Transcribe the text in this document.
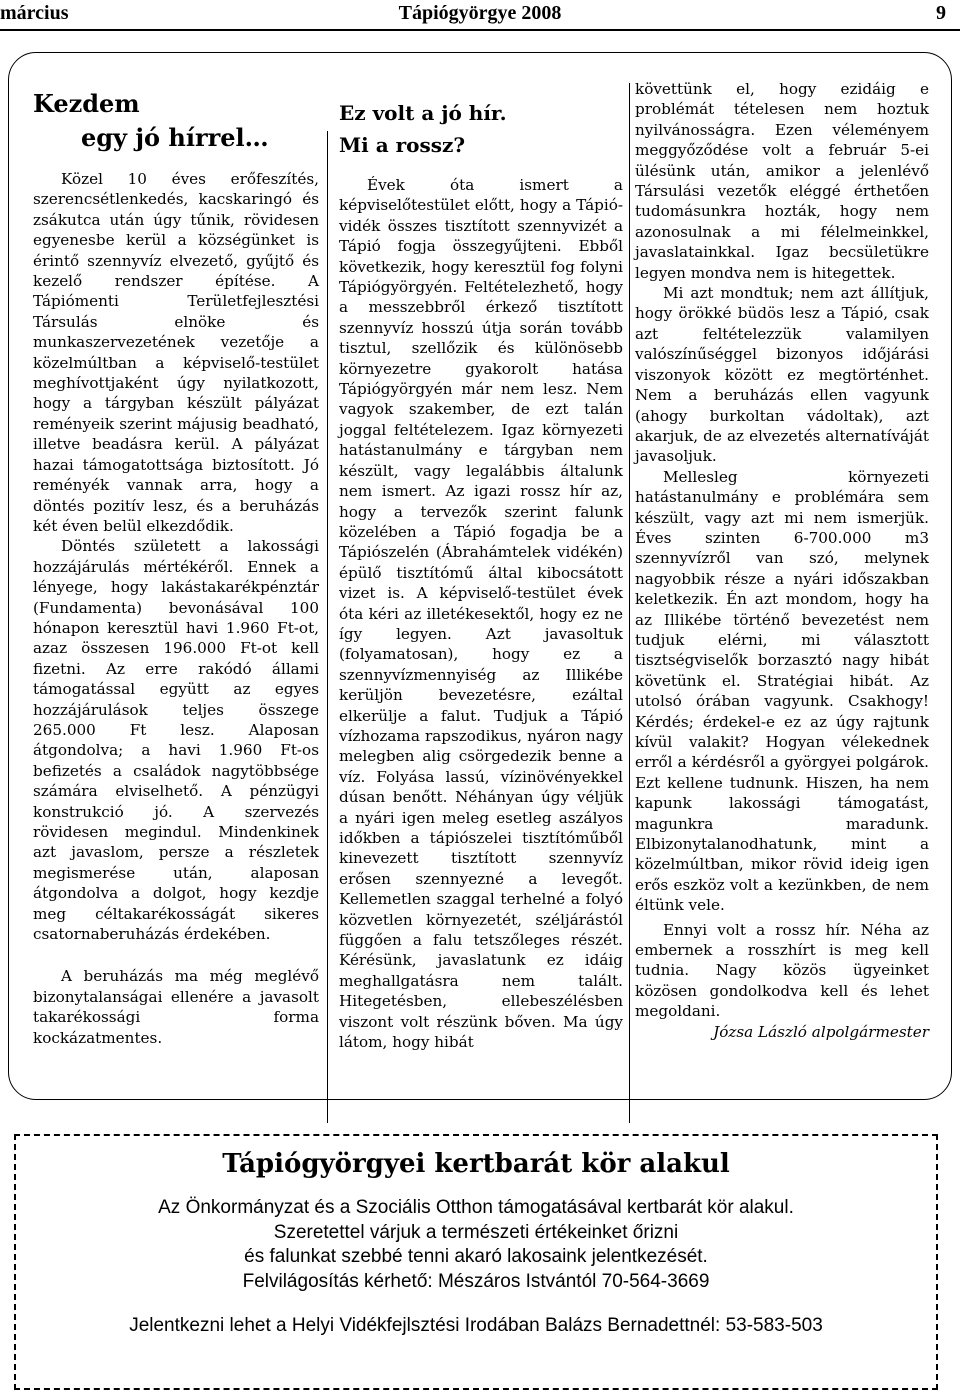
március	Tápiógyörgye 2008	9
Kezdem
egy jó hírrel…

Közel 10 éves erőfeszítés, szerencsétlenkedés, kacskaringó és zsákutca után úgy tűnik, rövidesen egyenesbe kerül a községünket is érintő szennyvíz elvezető, gyűjtő és kezelő rendszer építése. A Tápiómenti Területfejlesztési Társulás elnöke és munkaszervezetének vezetője a közelmúltban a képviselő-testület meghívottjaként úgy nyilatkozott, hogy a tárgyban készült pályázat reményeik szerint májusig beadható, illetve beadásra kerül. A pályázat hazai támogatottsága biztosított. Jó reményék vannak arra, hogy a döntés pozitív lesz, és a beruházás két éven belül elkezdődik.

Döntés született a lakossági hozzájárulás mértékéről. Ennek a lényege, hogy lakástakarékpénztár (Fundamenta) bevonásával 100 hónapon keresztül havi 1.960 Ft-ot, azaz összesen 196.000 Ft-ot kell fizetni. Az erre rakódó állami támogatással együtt az egyes hozzájárulások teljes összege 265.000 Ft lesz. Alaposan átgondolva; a havi 1.960 Ft-os befizetés a családok nagytöbbsége számára elviselhető. A pénzügyi konstrukció jó. A szervezés rövidesen megindul. Mindenkinek azt javaslom, persze a részletek megismerése után, alaposan átgondolva a dolgot, hogy kezdje meg céltakarékosságát sikeres csatornaberuházás érdekében.

A beruházás ma még meglévő bizonytalanságai ellenére a javasolt takarékossági forma kockázatmentes.

Ez volt a jó hír.
Mi a rossz?

Évek óta ismert a képviselőtestület előtt, hogy a Tápió-vidék összes tisztított szennyvizét a Tápió fogja összegyűjteni. Ebből következik, hogy keresztül fog folyni Tápiógyörgyén. Feltételezhető, hogy a messzebbről érkező tisztított szennyvíz hosszú útja során tovább tisztul, szellőzik és különösebb környezetre gyakorolt hatása Tápiógyörgyén már nem lesz. Nem vagyok szakember, de ezt talán joggal feltételezem. Igaz környezeti hatástanulmány e tárgyban nem készült, vagy legalábbis általunk nem ismert. Az igazi rossz hír az, hogy a tervezők szerint falunk közelében a Tápió fogadja be a Tápiószelén (Ábrahámtelek vidékén) épülő tisztítómű által kibocsátott vizet is. A képviselő-testület évek óta kéri az illetékesektől, hogy ez ne így legyen. Azt javasoltuk (folyamatosan), hogy ez a szennyvízmennyiség az Illikébe kerüljön bevezetésre, ezáltal elkerülje a falut. Tudjuk a Tápió vízhozama rapszodikus, nyáron nagy melegben alig csörgedezik benne a víz. Folyása lassú, vízinövényekkel dúsan benőtt. Néhányan úgy véljük a nyári igen meleg esetleg aszályos időkben a tápiószelei tisztítóműből kinevezett tisztított szennyvíz erősen szennyezné a levegőt. Kellemetlen szaggal terhelné a folyó közvetlen környezetét, széljárástól függően a falu tetszőleges részét. Kérésünk, javaslatunk ez idáig meghallgatásra nem talált. Hitegetésben, ellebeszélésben viszont volt részünk bőven. Ma úgy látom, hogy hibát

követtünk el, hogy ezidáig e problémát tételesen nem hoztuk nyilvánosságra. Ezen véleményem meggyőződése volt a február 5-ei ülésünk után, amikor a jelenlévő Társulási vezetők eléggé érthetően tudomásunkra hozták, hogy nem azonosulnak a mi félelmeinkkel, javaslatainkkal. Igaz becsületükre legyen mondva nem is hitegettek.

Mi azt mondtuk; nem azt állítjuk, hogy örökké büdös lesz a Tápió, csak azt feltételezzük valamilyen valószínűséggel bizonyos időjárási viszonyok között ez megtörténhet. Nem a beruházás ellen vagyunk (ahogy burkoltan vádoltak), azt akarjuk, de az elvezetés alternatíváját javasoljuk.

Mellesleg környezeti hatástanulmány e problémára sem készült, vagy azt mi nem ismerjük. Éves szinten 6-700.000 m3 szennyvízről van szó, melynek nagyobbik része a nyári időszakban keletkezik. Én azt mondom, hogy ha az Illikébe történő bevezetést nem tudjuk elérni, mi választott tisztségviselők borzasztó nagy hibát követünk el. Stratégiai hibát. Az utolsó órában vagyunk. Csakhogy! Kérdés; érdekel-e ez az úgy rajtunk kívül valakit? Hogyan vélekednek erről a kérdésről a györgyei polgárok. Ezt kellene tudnunk. Hiszen, ha nem kapunk lakossági támogatást, magunkra maradunk. Elbizonytalanodhatunk, mint a közelmúltban, mikor rövid ideig igen erős eszköz volt a kezünkben, de nem éltünk vele.

Ennyi volt a rossz hír. Néha az embernek a rosszhírt is meg kell tudnia. Nagy közös ügyeinket közösen gondolkodva kell és lehet megoldani.

Józsa László alpolgármester

Tápiógyörgyei kertbarát kör alakul

Az Önkormányzat és a Szociális Otthon támogatásával kertbarát kör alakul.

Szeretettel várjuk a természeti értékeinket őrizni

és falunkat szebbé tenni akaró lakosaink jelentkezését.

Felvilágosítás kérhető: Mészáros Istvántól 70-564-3669

Jelentkezni lehet a Helyi Vidékfejlsztési Irodában Balázs Bernadettnél: 53-583-503
